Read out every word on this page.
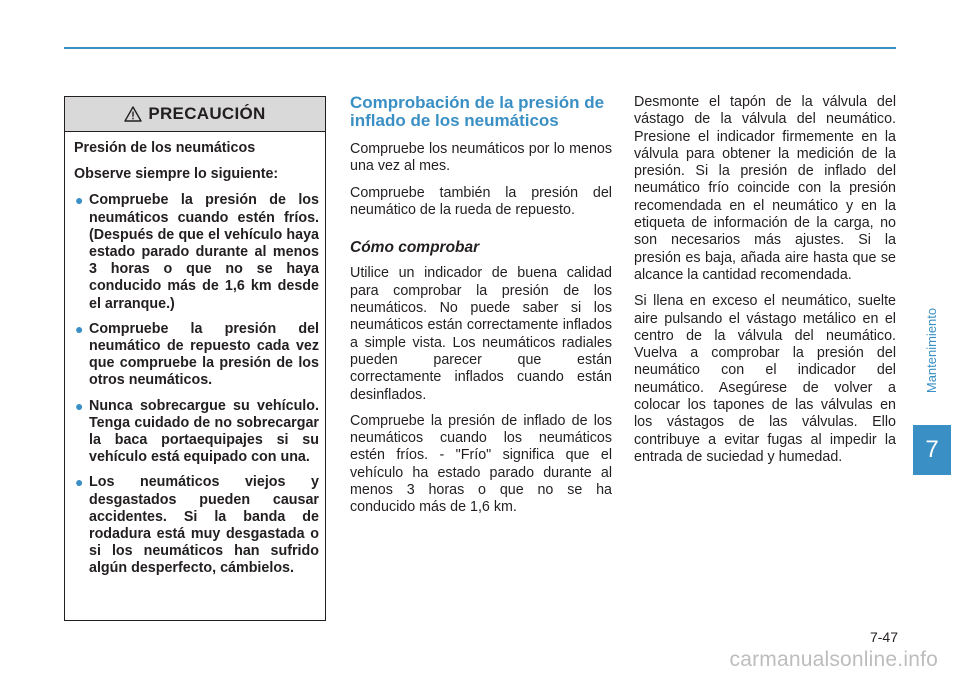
PRECAUCIÓN

Presión de los neumáticos

Observe siempre lo siguiente:

● Compruebe la presión de los neumáticos cuando estén fríos. (Después de que el vehículo haya estado parado durante al menos 3 horas o que no se haya conducido más de 1,6 km desde el arranque.)
● Compruebe la presión del neumático de repuesto cada vez que compruebe la presión de los otros neumáticos.
● Nunca sobrecargue su vehículo. Tenga cuidado de no sobrecargar la baca portaequipajes si su vehículo está equipado con una.
● Los neumáticos viejos y desgastados pueden causar accidentes. Si la banda de rodadura está muy desgastada o si los neumáticos han sufrido algún desperfecto, cámbielos.
Comprobación de la presión de inflado de los neumáticos

Compruebe los neumáticos por lo menos una vez al mes.

Compruebe también la presión del neumático de la rueda de repuesto.

Cómo comprobar

Utilice un indicador de buena calidad para comprobar la presión de los neumáticos. No puede saber si los neumáticos están correctamente inflados a simple vista. Los neumáticos radiales pueden parecer que están correctamente inflados cuando están desinflados.

Compruebe la presión de inflado de los neumáticos cuando los neumáticos estén fríos. - "Frío" significa que el vehículo ha estado parado durante al menos 3 horas o que no se ha conducido más de 1,6 km.

Desmonte el tapón de la válvula del vástago de la válvula del neumático. Presione el indicador firmemente en la válvula para obtener la medición de la presión. Si la presión de inflado del neumático frío coincide con la presión recomendada en el neumático y en la etiqueta de información de la carga, no son necesarios más ajustes. Si la presión es baja, añada aire hasta que se alcance la cantidad recomendada.

Si llena en exceso el neumático, suelte aire pulsando el vástago metálico en el centro de la válvula del neumático. Vuelva a comprobar la presión del neumático con el indicador del neumático. Asegúrese de volver a colocar los tapones de las válvulas en los vástagos de las válvulas. Ello contribuye a evitar fugas al impedir la entrada de suciedad y humedad.

Mantenimiento
7
7-47
carmanualsonline.info
